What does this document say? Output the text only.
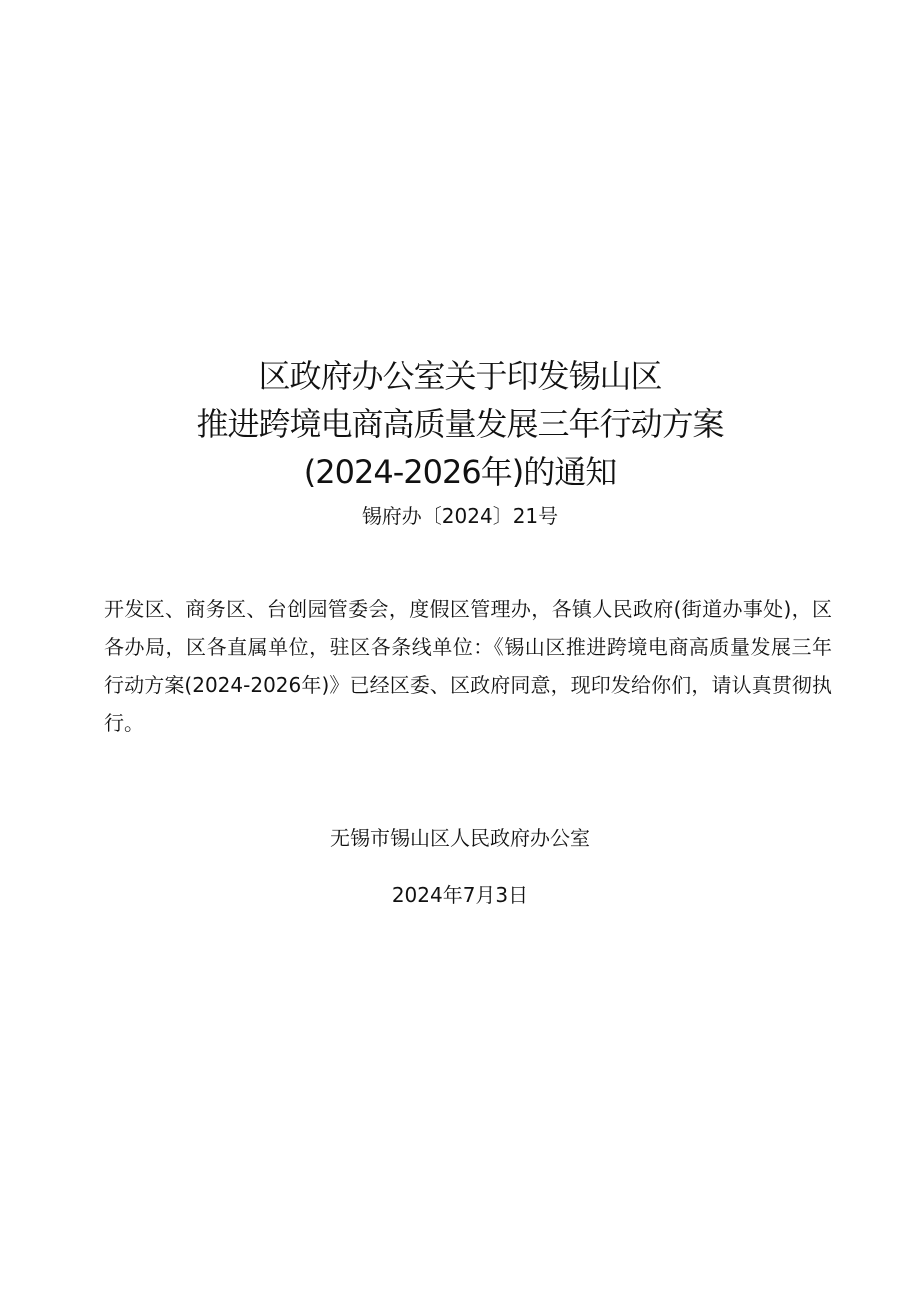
区政府办公室关于印发锡山区
推进跨境电商高质量发展三年行动方案
(2024-2026年)的通知
锡府办〔2024〕21号
开发区、商务区、台创园管委会，度假区管理办，各镇人民政府(街道办事处)，区各办局，区各直属单位，驻区各条线单位：《锡山区推进跨境电商高质量发展三年行动方案(2024-2026年)》已经区委、区政府同意，现印发给你们，请认真贯彻执行。
无锡市锡山区人民政府办公室
2024年7月3日
